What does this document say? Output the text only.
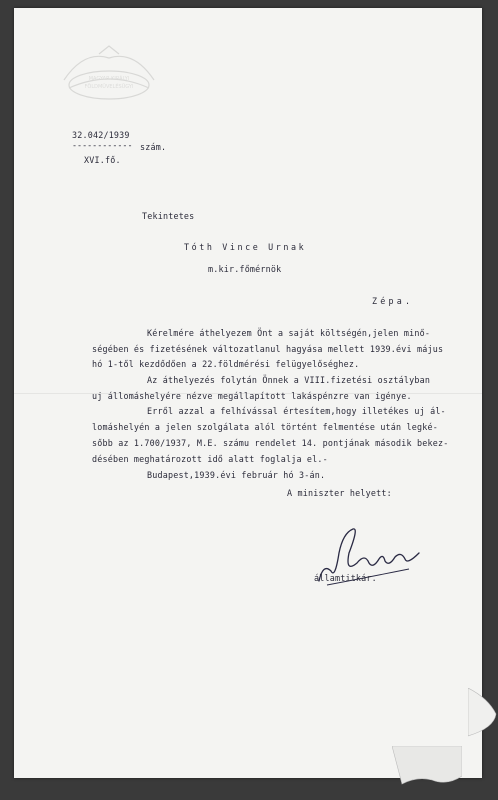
MAGYAR KIRÁLYI
FÖLDMŰVELÉSÜGYI
32.042/1939
------------ szám.
XVI.fő.
Tekintetes
Tóth Vince Urnak
m.kir.főmérnök
Zépa.
Kérelmére áthelyezem Önt a saját költségén,jelen minő-
ségében és fizetésének változatlanul hagyása mellett 1939.évi május
hó 1-től kezdődően a 22.földmérési felügyelőséghez.
Az áthelyezés folytán Önnek a VIII.fizetési osztályban
uj állomáshelyére nézve megállapított lakáspénzre van igénye.
Erről azzal a felhívással értesítem,hogy illetékes uj ál-
lomáshelyén a jelen szolgálata alól történt felmentése után legké-
sőbb az 1.700/1937, M.E. számu rendelet 14. pontjának második bekez-
désében meghatározott idő alatt foglalja el.-
Budapest,1939.évi február hó 3-án.
A miniszter helyett:
államtitkár.
